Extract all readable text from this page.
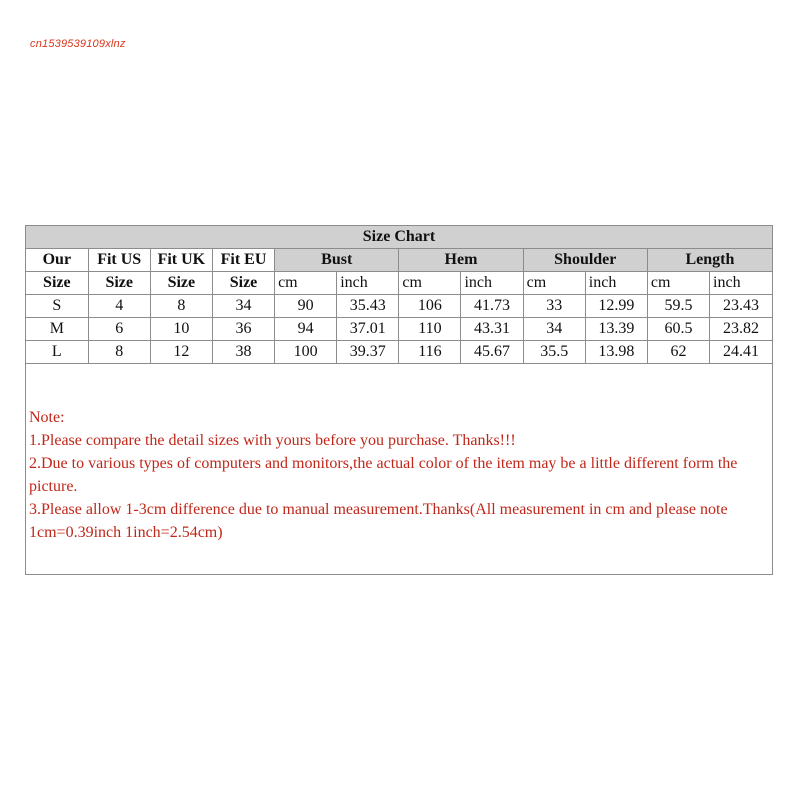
cn1539539109xlnz
Size Chart											
Our	Fit US	Fit UK	Fit EU	Bust		Hem		Shoulder		Length	
Size	Size	Size	Size	cm	inch	cm	inch	cm	inch	cm	inch
S	4	8	34	90	35.43	106	41.73	33	12.99	59.5	23.43
M	6	10	36	94	37.01	110	43.31	34	13.39	60.5	23.82
L	8	12	38	100	39.37	116	45.67	35.5	13.98	62	24.41
Note:
1.Please compare the detail sizes with yours before you purchase. Thanks!!!
2.Due to various types of computers and monitors,the actual color of the item may be a little different form the picture.
3.Please allow 1-3cm difference due to manual measurement.Thanks(All measurement in cm and please note 1cm=0.39inch 1inch=2.54cm)
